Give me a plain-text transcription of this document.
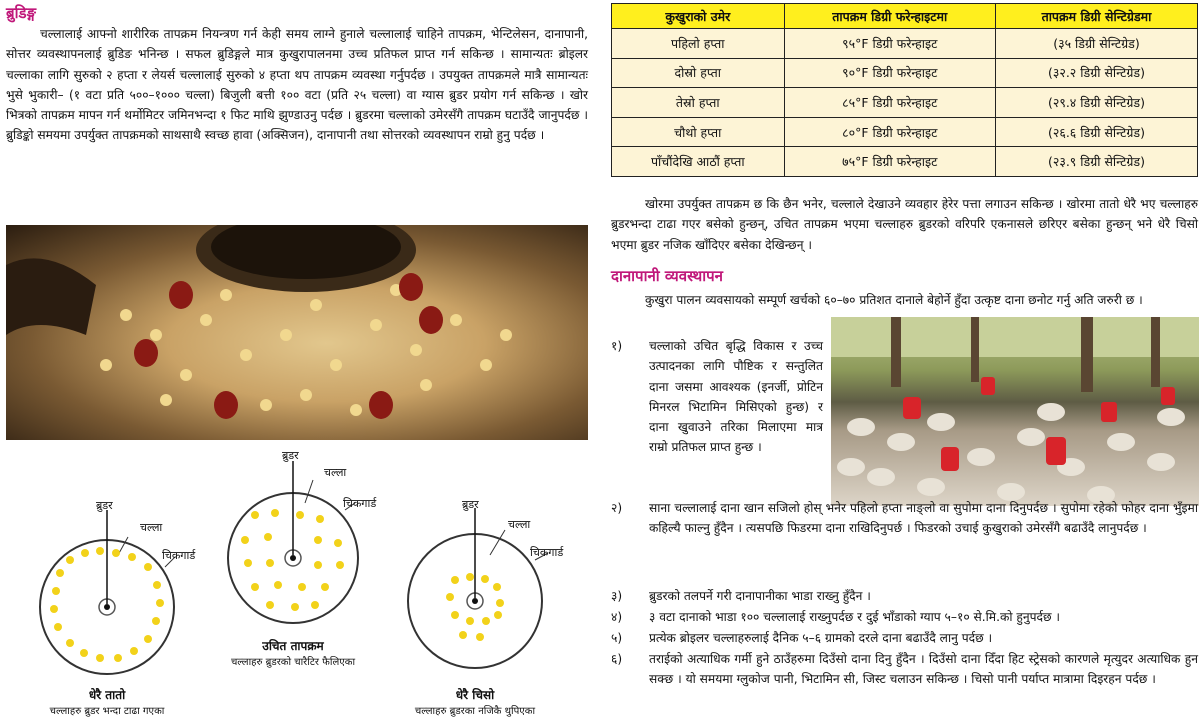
ब्रुडिङ्ग
चल्लालाई आफ्नो शारीरिक तापक्रम नियन्त्रण गर्न केही समय लाग्ने हुनाले चल्लालाई चाहिने तापक्रम, भेन्टिलेसन, दानापानी, सोत्तर व्यवस्थापनलाई ब्रुडिङ भनिन्छ । सफल ब्रुडिङ्गले मात्र कुखुरापालनमा उच्च प्रतिफल प्राप्त गर्न सकिन्छ । सामान्यतः ब्रोइलर चल्लाका लागि सुरुको २ हप्ता र लेयर्स चल्लालाई सुरुको ४ हप्ता थप तापक्रम व्यवस्था गर्नुपर्दछ । उपयुक्त तापक्रमले मात्रै सामान्यतः भुसे भुकारी– (१ वटा प्रति ५००–१००० चल्ला) बिजुली बत्ती १०० वटा (प्रति २५ चल्ला) वा ग्यास ब्रुडर प्रयोग गर्न सकिन्छ । खोर भित्रको तापक्रम मापन गर्न थर्मोमिटर जमिनभन्दा १ फिट माथि झुण्डाउनु पर्दछ । ब्रुडरमा चल्लाको उमेरसँगै तापक्रम घटाउँदै जानुपर्दछ । ब्रुडिङ्को समयमा उपर्युक्त तापक्रमको साथसाथै स्वच्छ हावा (अक्सिजन), दानापानी तथा सोत्तरको व्यवस्थापन राम्रो हुनु पर्दछ ।
ब्रुडर
चल्ला
चिकगार्ड
धेरै तातो
चल्लाहरु ब्रुडर भन्दा टाढा गएका
ब्रुडर
चल्ला
चिकगार्ड
उचित तापक्रम
चल्लाहरु ब्रुडरको चारैटिर फैलिएका
ब्रुडर
चल्ला
चिकगार्ड
धेरै चिसो
चल्लाहरु ब्रुडरका नजिकै थुपिएका
कुखुराको उमेर	तापक्रम डिग्री फरेन्हाइटमा	तापक्रम डिग्री सेन्टिग्रेडमा
पहिलो हप्ता	९५°F डिग्री फरेन्हाइट	(३५ डिग्री सेन्टिग्रेड)
दोस्रो हप्ता	९०°F डिग्री फरेन्हाइट	(३२.२ डिग्री सेन्टिग्रेड)
तेस्रो हप्ता	८५°F डिग्री फरेन्हाइट	(२९.४ डिग्री सेन्टिग्रेड)
चौथो हप्ता	८०°F डिग्री फरेन्हाइट	(२६.६ डिग्री सेन्टिग्रेड)
पाँचौंदेखि आठौं हप्ता	७५°F डिग्री फरेन्हाइट	(२३.९ डिग्री सेन्टिग्रेड)
खोरमा उपर्युक्त तापक्रम छ कि छैन भनेर, चल्लाले देखाउने व्यवहार हेरेर पत्ता लगाउन सकिन्छ । खोरमा तातो धेरै भए चल्लाहरु ब्रुडरभन्दा टाढा गएर बसेको हुन्छन्, उचित तापक्रम भएमा चल्लाहरु ब्रुडरको वरिपरि एकनासले छरिएर बसेका हुन्छन् भने धेरै चिसो भएमा ब्रुडर नजिक खाँदिएर बसेका देखिन्छन् ।
दानापानी व्यवस्थापन
कुखुरा पालन व्यवसायको सम्पूर्ण खर्चको ६०–७० प्रतिशत दानाले बेहोर्ने हुँदा उत्कृष्ट दाना छनोट गर्नु अति जरुरी छ ।
१) चल्लाको उचित बृद्धि विकास र उच्च उत्पादनका लागि पौष्टिक र सन्तुलित दाना जसमा आवश्यक (इनर्जी, प्रोटिन मिनरल भिटामिन मिसिएको हुन्छ) र दाना खुवाउने तरिका मिलाएमा मात्र राम्रो प्रतिफल प्राप्त हुन्छ ।
२) साना चल्लालाई दाना खान सजिलो होस् भनेर पहिलो हप्ता नाङ्लो वा सुपोमा दाना दिनुपर्दछ । सुपोमा रहेको फोहर दाना भुँइमा कहिल्यै फाल्नु हुँदैन । त्यसपछि फिडरमा दाना राखिदिनुपर्छ । फिडरको उचाई कुखुराको उमेरसँगै बढाउँदै लानुपर्दछ ।
३) ब्रुडरको तलपर्ने गरी दानापानीका भाडा राख्नु हुँदैन ।
४) ३ वटा दानाको भाडा १०० चल्लालाई राख्नुपर्दछ र दुई भाँडाको ग्याप ५–१० से.मि.को हुनुपर्दछ ।
५) प्रत्येक ब्रोइलर चल्लाहरुलाई दैनिक ५–६ ग्रामको दरले दाना बढाउँदै लानु पर्दछ ।
६) तराईको अत्याधिक गर्मी हुने ठाउँहरुमा दिउँसो दाना दिनु हुँदैन । दिउँसो दाना दिँदा हिट स्ट्रेसको कारणले मृत्युदर अत्याधिक हुन सक्छ । यो समयमा ग्लुकोज पानी, भिटामिन सी, जिस्ट चलाउन सकिन्छ । चिसो पानी पर्याप्त मात्रामा दिइरहन पर्दछ ।
